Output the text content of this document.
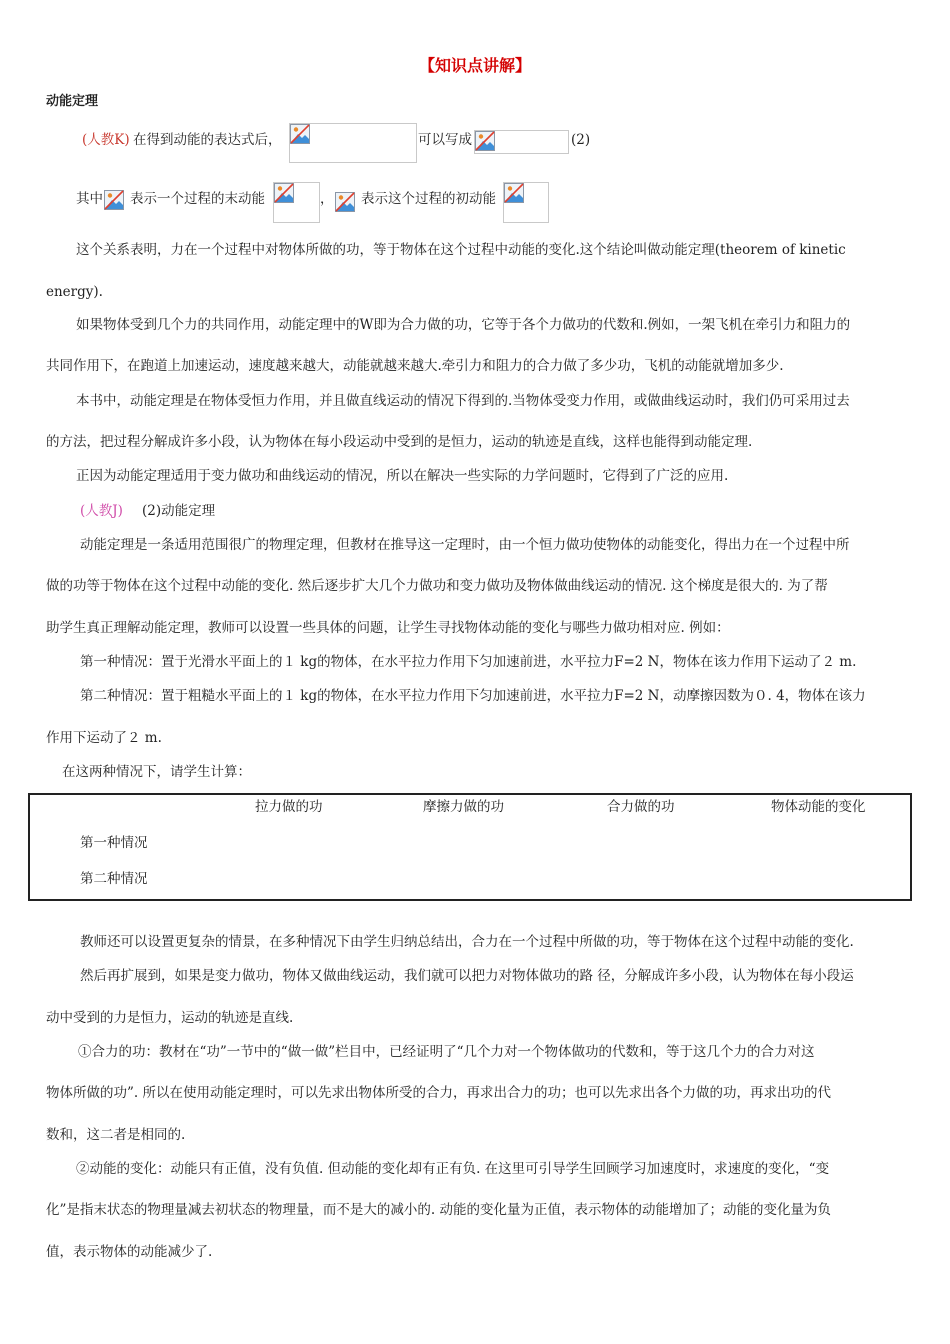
【知识点讲解】
动能定理
(人教K) 在得到动能的表达式后，	可以写成	(2)
其中 表示一个过程的末动能	， 表示这个过程的初动能
这个关系表明，力在一个过程中对物体所做的功，等于物体在这个过程中动能的变化.这个结论叫做动能定理(theorem of kinetic
energy).
如果物体受到几个力的共同作用，动能定理中的W即为合力做的功，它等于各个力做功的代数和.例如，一架飞机在牵引力和阻力的
共同作用下，在跑道上加速运动，速度越来越大，动能就越来越大.牵引力和阻力的合力做了多少功，飞机的动能就增加多少.
本书中，动能定理是在物体受恒力作用，并且做直线运动的情况下得到的.当物体受变力作用，或做曲线运动时，我们仍可采用过去
的方法，把过程分解成许多小段，认为物体在每小段运动中受到的是恒力，运动的轨迹是直线，这样也能得到动能定理.
正因为动能定理适用于变力做功和曲线运动的情况，所以在解决一些实际的力学问题时，它得到了广泛的应用.
(人教J) (2)动能定理
动能定理是一条适用范围很广的物理定理，但教材在推导这一定理时，由一个恒力做功使物体的动能变化，得出力在一个过程中所
做的功等于物体在这个过程中动能的变化. 然后逐步扩大几个力做功和变力做功及物体做曲线运动的情况. 这个梯度是很大的. 为了帮
助学生真正理解动能定理，教师可以设置一些具体的问题，让学生寻找物体动能的变化与哪些力做功相对应. 例如：
第一种情况：置于光滑水平面上的１ kg的物体，在水平拉力作用下匀加速前进，水平拉力F=2 N，物体在该力作用下运动了２ m.
第二种情况：置于粗糙水平面上的１ kg的物体，在水平拉力作用下匀加速前进，水平拉力F=2 N，动摩擦因数为０. 4，物体在该力
作用下运动了２ m.
在这两种情况下，请学生计算：
拉力做的功	摩擦力做的功	合力做的功	物体动能的变化
第一种情况
第二种情况
教师还可以设置更复杂的情景，在多种情况下由学生归纳总结出，合力在一个过程中所做的功，等于物体在这个过程中动能的变化.
然后再扩展到，如果是变力做功，物体又做曲线运动，我们就可以把力对物体做功的路 径，分解成许多小段，认为物体在每小段运
动中受到的力是恒力，运动的轨迹是直线.
①合力的功：教材在“功”一节中的“做一做”栏目中，已经证明了“几个力对一个物体做功的代数和，等于这几个力的合力对这
物体所做的功”. 所以在使用动能定理时，可以先求出物体所受的合力，再求出合力的功；也可以先求出各个力做的功，再求出功的代
数和，这二者是相同的.
②动能的变化：动能只有正值，没有负值. 但动能的变化却有正有负. 在这里可引导学生回顾学习加速度时，求速度的变化，“变
化”是指末状态的物理量减去初状态的物理量，而不是大的减小的. 动能的变化量为正值，表示物体的动能增加了；动能的变化量为负
值，表示物体的动能减少了.
